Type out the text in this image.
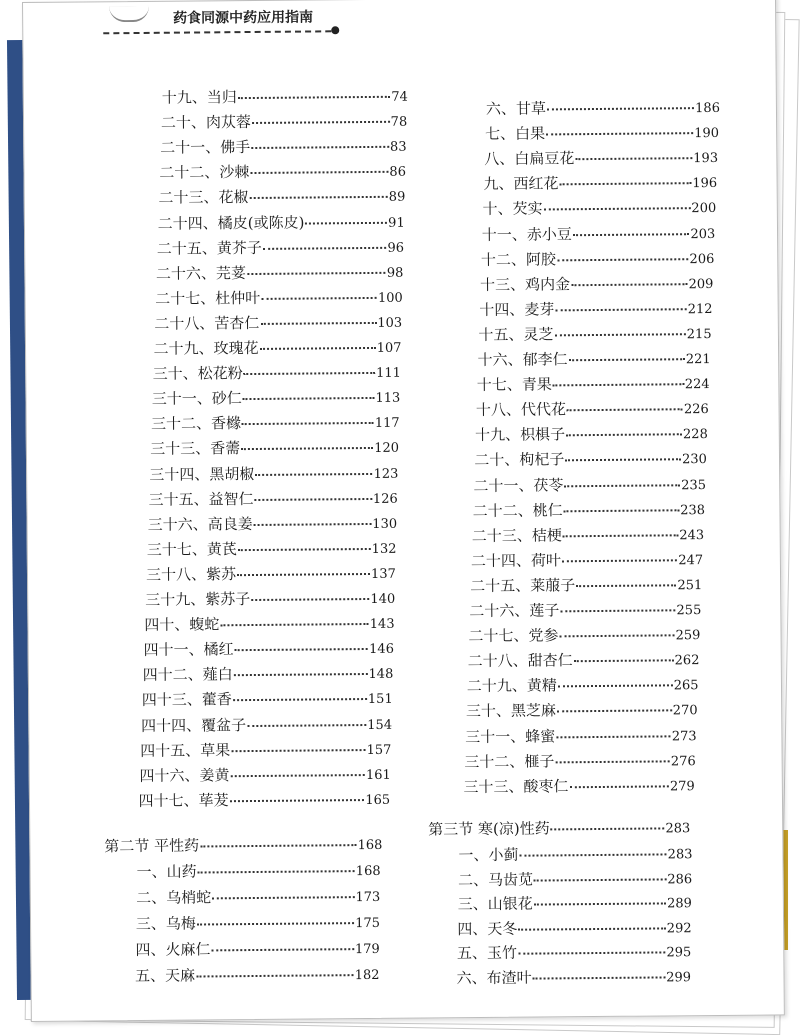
药食同源中药应用指南
十九、当归	74
二十、肉苁蓉	78
二十一、佛手	83
二十二、沙棘	86
二十三、花椒	89
二十四、橘皮(或陈皮)	91
二十五、黄芥子	96
二十六、芫荽	98
二十七、杜仲叶	100
二十八、苦杏仁	103
二十九、玫瑰花	107
三十、松花粉	111
三十一、砂仁	113
三十二、香橼	117
三十三、香薷	120
三十四、黑胡椒	123
三十五、益智仁	126
三十六、高良姜	130
三十七、黄芪	132
三十八、紫苏	137
三十九、紫苏子	140
四十、蝮蛇	143
四十一、橘红	146
四十二、薤白	148
四十三、藿香	151
四十四、覆盆子	154
四十五、草果	157
四十六、姜黄	161
四十七、荜茇	165
第二节 平性药	168
一、山药	168
二、乌梢蛇	173
三、乌梅	175
四、火麻仁	179
五、天麻	182
六、甘草	186
七、白果	190
八、白扁豆花	193
九、西红花	196
十、芡实	200
十一、赤小豆	203
十二、阿胶	206
十三、鸡内金	209
十四、麦芽	212
十五、灵芝	215
十六、郁李仁	221
十七、青果	224
十八、代代花	226
十九、枳椇子	228
二十、枸杞子	230
二十一、茯苓	235
二十二、桃仁	238
二十三、桔梗	243
二十四、荷叶	247
二十五、莱菔子	251
二十六、莲子	255
二十七、党参	259
二十八、甜杏仁	262
二十九、黄精	265
三十、黑芝麻	270
三十一、蜂蜜	273
三十二、榧子	276
三十三、酸枣仁	279
第三节 寒(凉)性药	283
一、小蓟	283
二、马齿苋	286
三、山银花	289
四、天冬	292
五、玉竹	295
六、布渣叶	299
